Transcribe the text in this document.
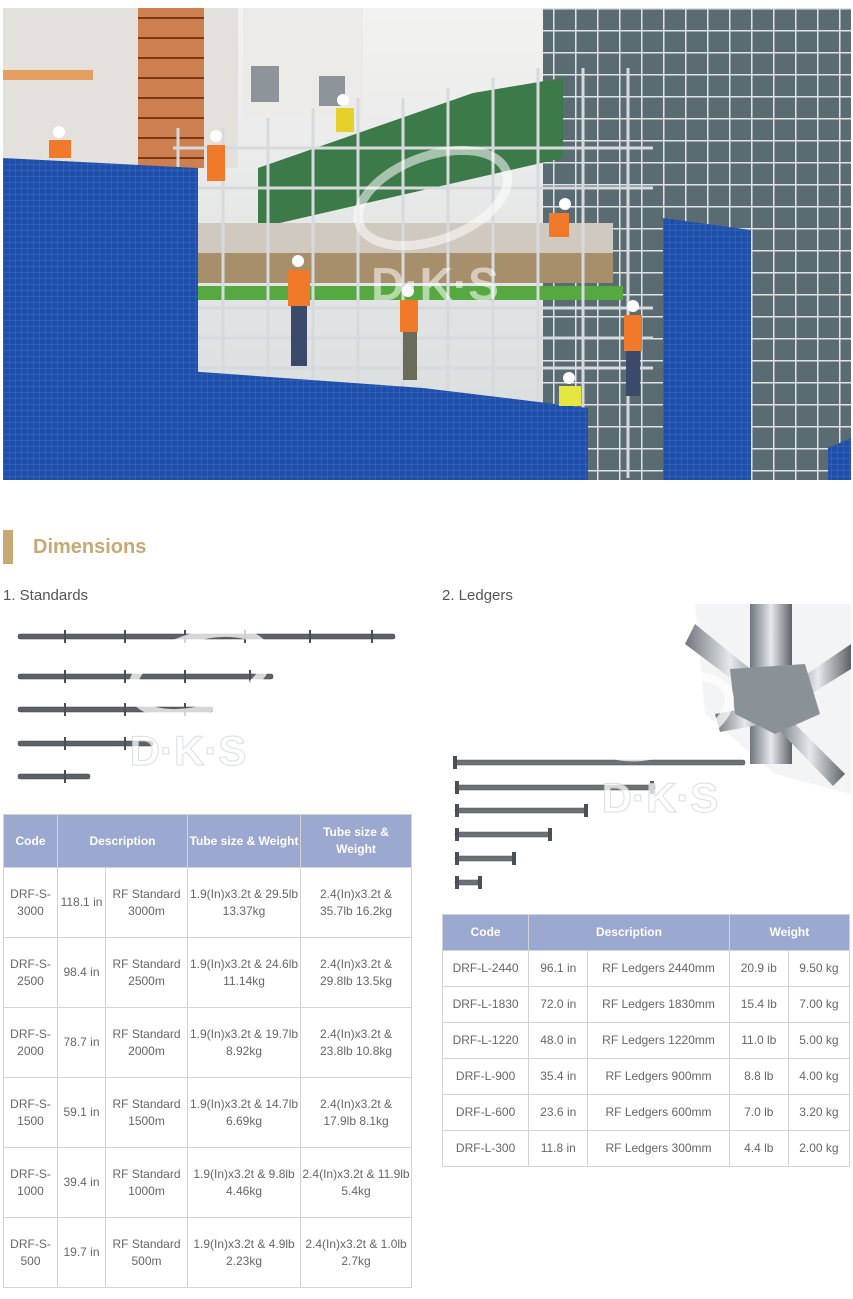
D·K·S
Dimensions
1. Standards	2. Ledgers
D·K·S
D·K·S
Code	Description		Tube size & Weight	Tube size & Weight
DRF-S-3000	118.1 in	RF Standard 3000m	1.9(In)x3.2t & 29.5lb 13.37kg	2.4(In)x3.2t & 35.7lb 16.2kg
DRF-S-2500	98.4 in	RF Standard 2500m	1.9(In)x3.2t & 24.6lb 11.14kg	2.4(In)x3.2t & 29.8lb 13.5kg
DRF-S-2000	78.7 in	RF Standard 2000m	1.9(In)x3.2t & 19.7lb 8.92kg	2.4(In)x3.2t & 23.8lb 10.8kg
DRF-S-1500	59.1 in	RF Standard 1500m	1.9(In)x3.2t & 14.7lb 6.69kg	2.4(In)x3.2t & 17.9lb 8.1kg
DRF-S-1000	39.4 in	RF Standard 1000m	1.9(In)x3.2t & 9.8lb 4.46kg	2.4(In)x3.2t & 11.9lb 5.4kg
DRF-S-500	19.7 in	RF Standard 500m	1.9(In)x3.2t & 4.9lb 2.23kg	2.4(In)x3.2t & 1.0lb 2.7kg
Code	Description		Weight	
DRF-L-2440	96.1 in	RF Ledgers 2440mm	20.9 ib	9.50 kg
DRF-L-1830	72.0 in	RF Ledgers 1830mm	15.4 lb	7.00 kg
DRF-L-1220	48.0 in	RF Ledgers 1220mm	11.0 lb	5.00 kg
DRF-L-900	35.4 in	RF Ledgers 900mm	8.8 lb	4.00 kg
DRF-L-600	23.6 in	RF Ledgers 600mm	7.0 lb	3.20 kg
DRF-L-300	11.8 in	RF Ledgers 300mm	4.4 lb	2.00 kg
